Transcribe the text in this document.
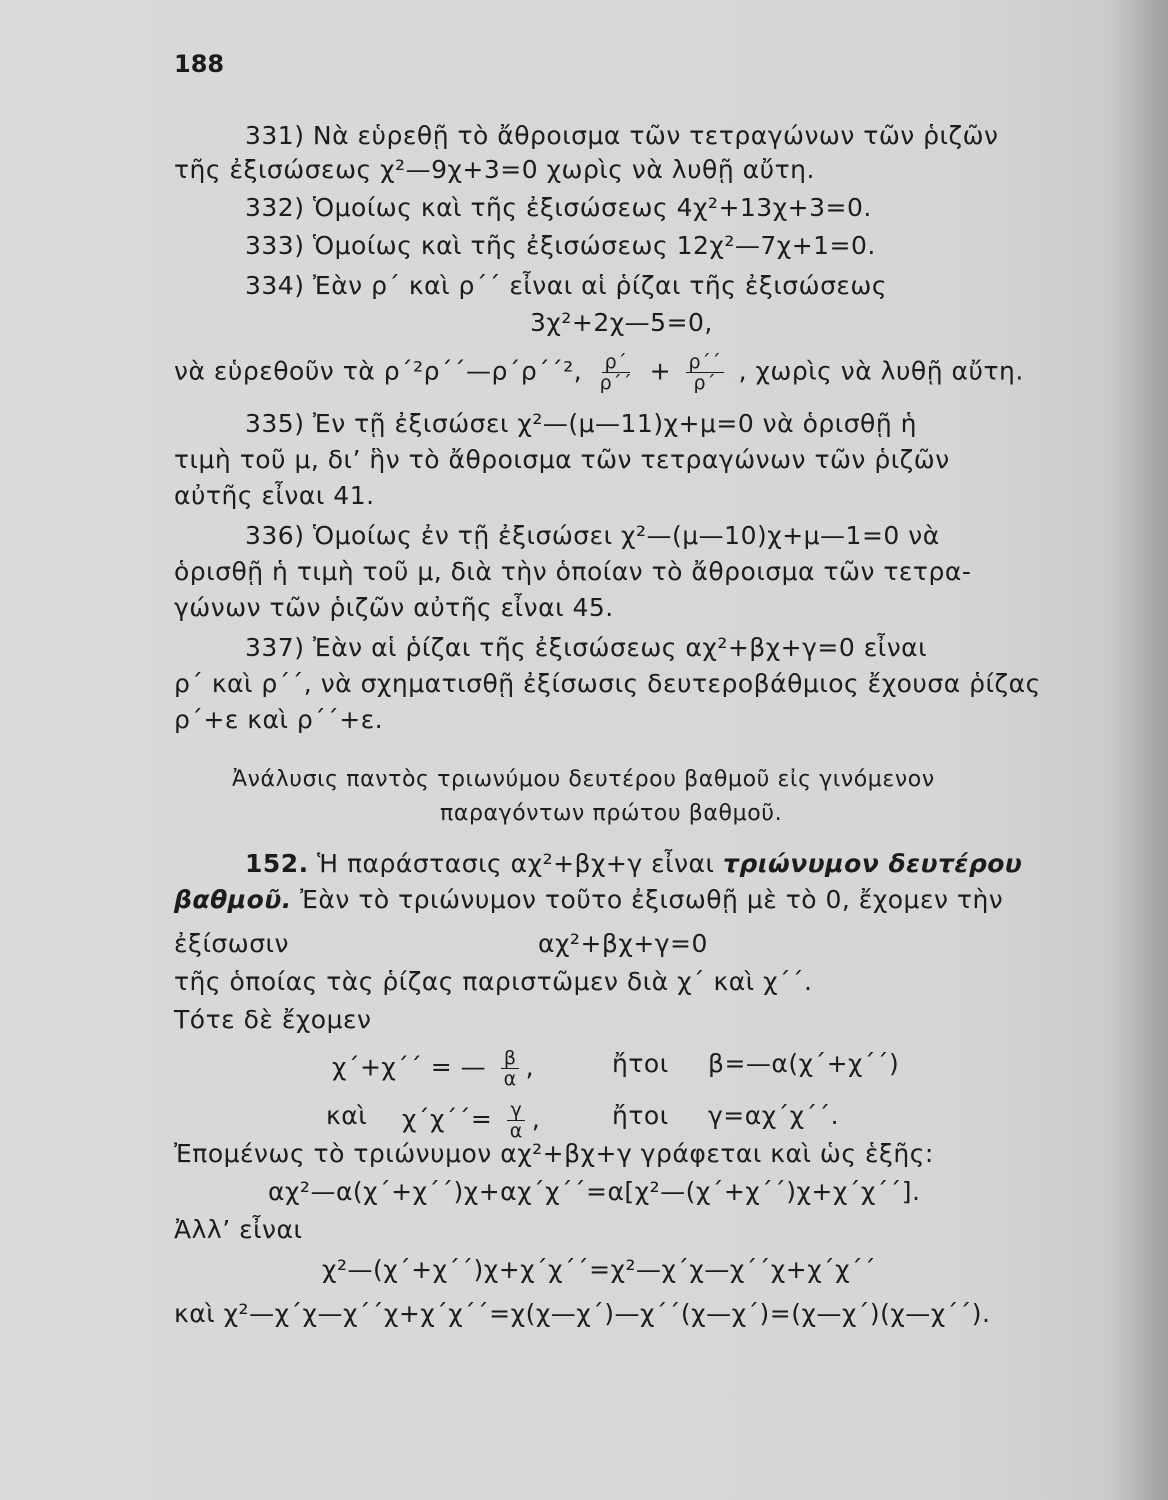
188
331) Νὰ εὑρεθῇ τὸ ἄθροισμα τῶν τετραγώνων τῶν ῥιζῶν
τῆς ἐξισώσεως χ²—9χ+3=0 χωρὶς νὰ λυθῇ αὔτη.
332) Ὁμοίως καὶ τῆς ἐξισώσεως 4χ²+13χ+3=0.
333) Ὁμοίως καὶ τῆς ἐξισώσεως 12χ²—7χ+1=0.
334) Ἐὰν ρ΄ καὶ ρ΄΄ εἶναι αἱ ῥίζαι τῆς ἐξισώσεως
3χ²+2χ—5=0,
νὰ εὑρεθοῦν τὰ ρ΄²ρ΄΄—ρ΄ρ΄΄², $\frac{\rho΄}{\rho΄΄} + \frac{\rho΄΄}{\rho΄}$ , χωρὶς νὰ λυθῇ αὔτη.
335) Ἐν τῇ ἐξισώσει χ²—(μ—11)χ+μ=0 νὰ ὁρισθῇ ἡ
τιμὴ τοῦ μ, δι’ ἣν τὸ ἄθροισμα τῶν τετραγώνων τῶν ῥιζῶν
αὐτῆς εἶναι 41.
336) Ὁμοίως ἐν τῇ ἐξισώσει χ²—(μ—10)χ+μ—1=0 νὰ
ὁρισθῇ ἡ τιμὴ τοῦ μ, διὰ τὴν ὁποίαν τὸ ἄθροισμα τῶν τετρα-
γώνων τῶν ῥιζῶν αὐτῆς εἶναι 45.
337) Ἐὰν αἱ ῥίζαι τῆς ἐξισώσεως αχ²+βχ+γ=0 εἶναι
ρ΄ καὶ ρ΄΄, νὰ σχηματισθῇ ἐξίσωσις δευτεροβάθμιος ἔχουσα ῥίζας
ρ΄+ε καὶ ρ΄΄+ε.
Ἀνάλυσις παντὸς τριωνύμου δευτέρου βαθμοῦ εἰς γινόμενον
παραγόντων πρώτου βαθμοῦ.
152. Ἡ παράστασις αχ²+βχ+γ εἶναι τριώνυμον δευτέρου
βαθμοῦ. Ἐὰν τὸ τριώνυμον τοῦτο ἐξισωθῇ μὲ τὸ 0, ἔχομεν τὴν
ἐξίσωσιν	αχ²+βχ+γ=0
τῆς ὁποίας τὰς ῥίζας παριστῶμεν διὰ χ΄ καὶ χ΄΄.
Τότε δὲ ἔχομεν
χ΄+χ΄΄ = — $\frac{\beta}{\alpha}$ ,	ἤτοι β=—α(χ΄+χ΄΄)
καὶ $\chi΄\chi΄΄= \frac{\gamma}{\alpha}$ ,	ἤτοι γ=αχ΄χ΄΄.
Ἐπομένως τὸ τριώνυμον αχ²+βχ+γ γράφεται καὶ ὡς ἑξῆς:
αχ²—α(χ΄+χ΄΄)χ+αχ΄χ΄΄=α[χ²—(χ΄+χ΄΄)χ+χ΄χ΄΄].
Ἀλλ’ εἶναι
χ²—(χ΄+χ΄΄)χ+χ΄χ΄΄=χ²—χ΄χ—χ΄΄χ+χ΄χ΄΄
καὶ χ²—χ΄χ—χ΄΄χ+χ΄χ΄΄=χ(χ—χ΄)—χ΄΄(χ—χ΄)=(χ—χ΄)(χ—χ΄΄).
